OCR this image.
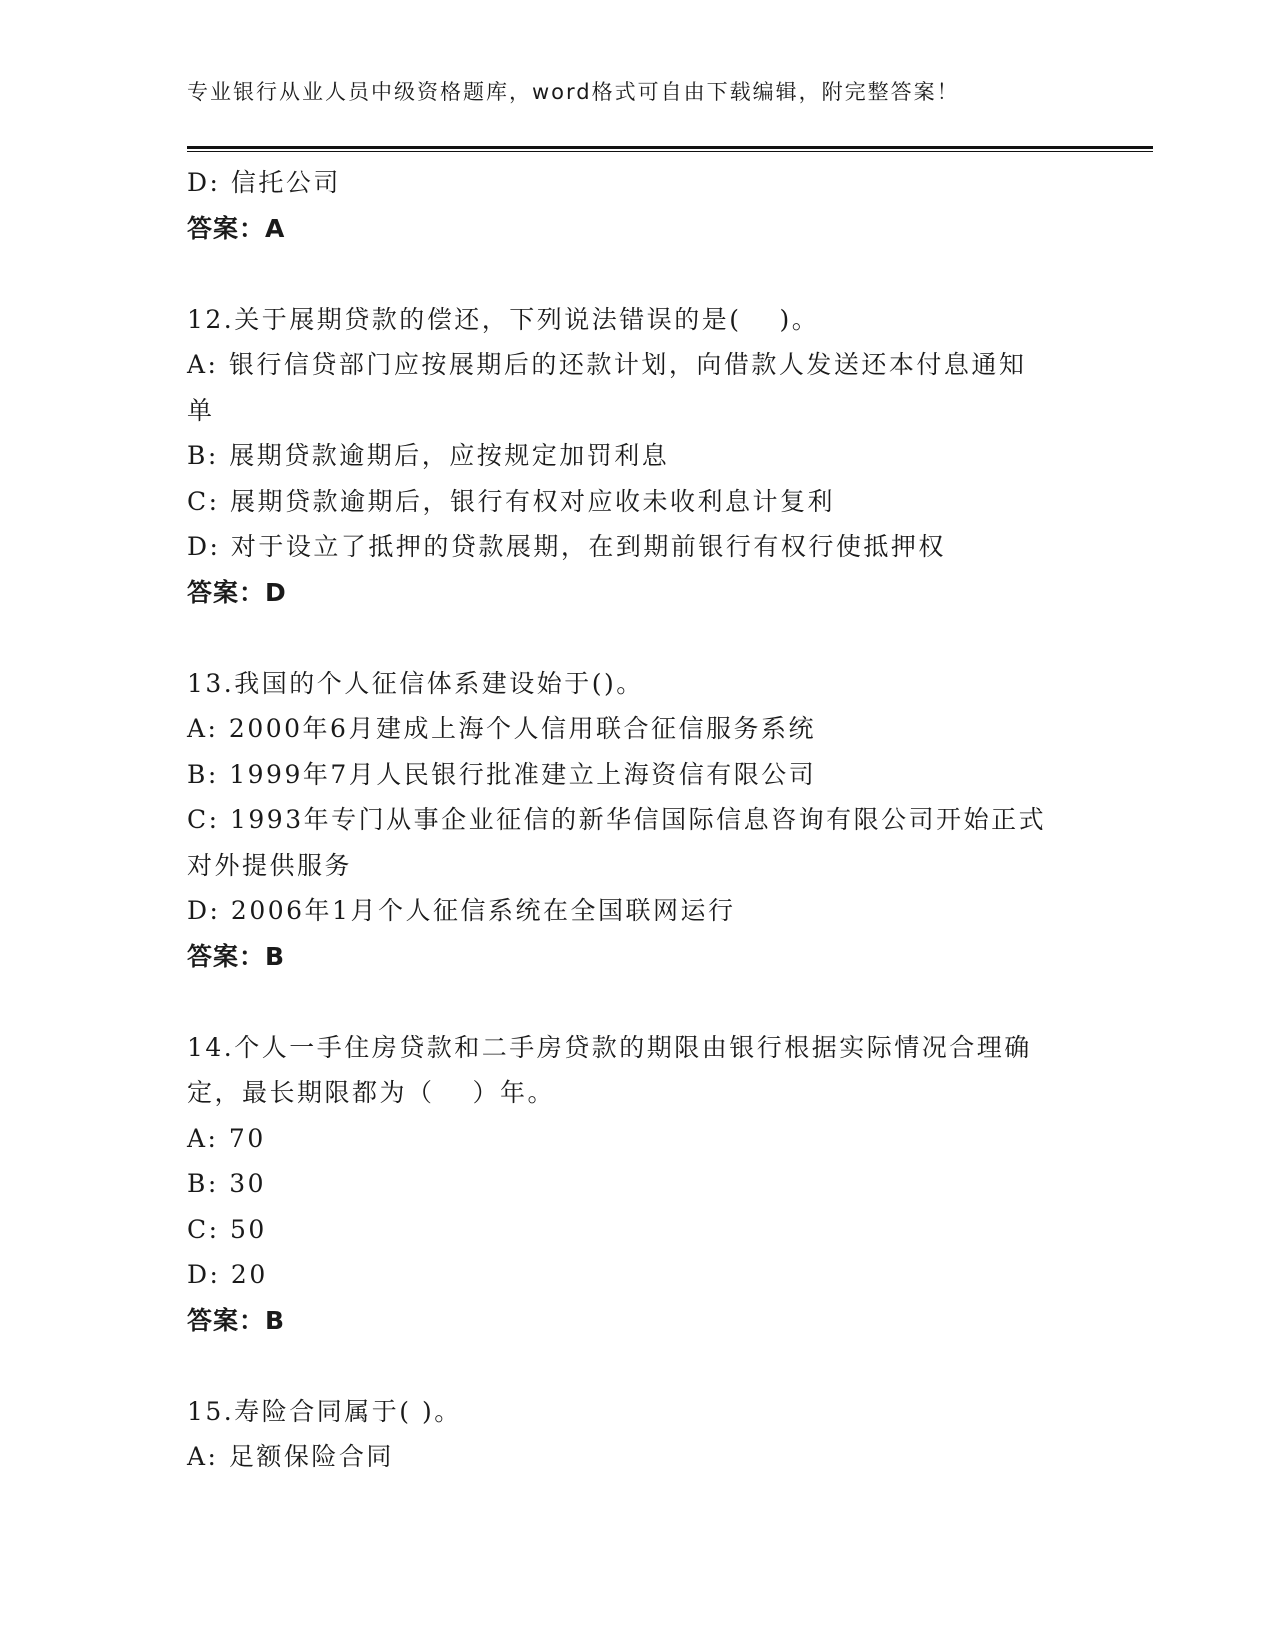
专业银行从业人员中级资格题库，word格式可自由下载编辑，附完整答案！
D: 信托公司
答案：A
12.关于展期贷款的偿还，下列说法错误的是(　 )。
A: 银行信贷部门应按展期后的还款计划，向借款人发送还本付息通知
单
B: 展期贷款逾期后，应按规定加罚利息
C: 展期贷款逾期后，银行有权对应收未收利息计复利
D: 对于设立了抵押的贷款展期，在到期前银行有权行使抵押权
答案：D
13.我国的个人征信体系建设始于()。
A: 2000年6月建成上海个人信用联合征信服务系统
B: 1999年7月人民银行批准建立上海资信有限公司
C: 1993年专门从事企业征信的新华信国际信息咨询有限公司开始正式
对外提供服务
D: 2006年1月个人征信系统在全国联网运行
答案：B
14.个人一手住房贷款和二手房贷款的期限由银行根据实际情况合理确
定，最长期限都为（　 ）年。
A: 70
B: 30
C: 50
D: 20
答案：B
15.寿险合同属于( )。
A: 足额保险合同
